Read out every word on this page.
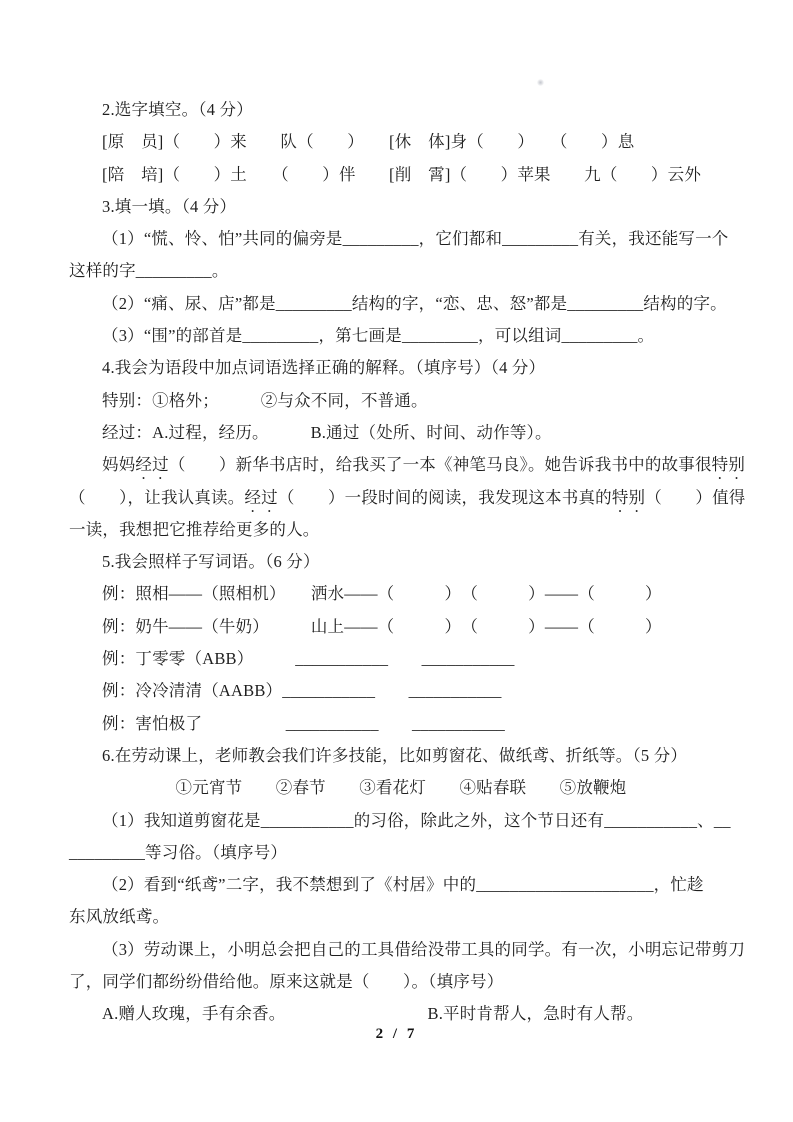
2.选字填空。（4 分）
[原　员]（　　）来　　队（　　）　　[休　体]身（　　）　　（　　）息
[陪　培]（　　）土　　（　　）伴　　[削　霄]（　　）苹果　　九（　　）云外
3.填一填。（4 分）
（1）“慌、怜、怕”共同的偏旁是_________，它们都和_________有关，我还能写一个
这样的字_________。
（2）“痛、尿、店”都是_________结构的字，“恋、忠、怒”都是_________结构的字。
（3）“围”的部首是_________，第七画是_________，可以组词_________。
4.我会为语段中加点词语选择正确的解释。（填序号）（4 分）
特别：①格外；　　　②与众不同，不普通。
经过：A.过程，经历。　　　B.通过（处所、时间、动作等）。
妈妈经过（　　）新华书店时，给我买了一本《神笔马良》。她告诉我书中的故事很特别
（　　），让我认真读。经过（　　）一段时间的阅读，我发现这本书真的特别（　　）值得
一读，我想把它推荐给更多的人。
5.我会照样子写词语。（6 分）
例：照相——（照相机）　　洒水——（　　　）　（　　　）——（　　　）
例：奶牛——（牛奶）　　　山上——（　　　）　（　　　）——（　　　）
例：丁零零（ABB）　　　___________　　___________
例：冷冷清清（AABB）___________　　___________
例：害怕极了　　　　　___________　　___________
6.在劳动课上，老师教会我们许多技能，比如剪窗花、做纸鸢、折纸等。（5 分）
①元宵节　　②春节　　③看花灯　　④贴春联　　⑤放鞭炮
（1）我知道剪窗花是___________的习俗，除此之外，这个节日还有___________、__
_________等习俗。（填序号）
（2）看到“纸鸢”二字，我不禁想到了《村居》中的_____________________，忙趁
东风放纸鸢。
（3）劳动课上，小明总会把自己的工具借给没带工具的同学。有一次，小明忘记带剪刀
了，同学们都纷纷借给他。原来这就是（　　）。（填序号）
A.赠人玫瑰，手有余香。　　　　　　　　　B.平时肯帮人，急时有人帮。
2 / 7
